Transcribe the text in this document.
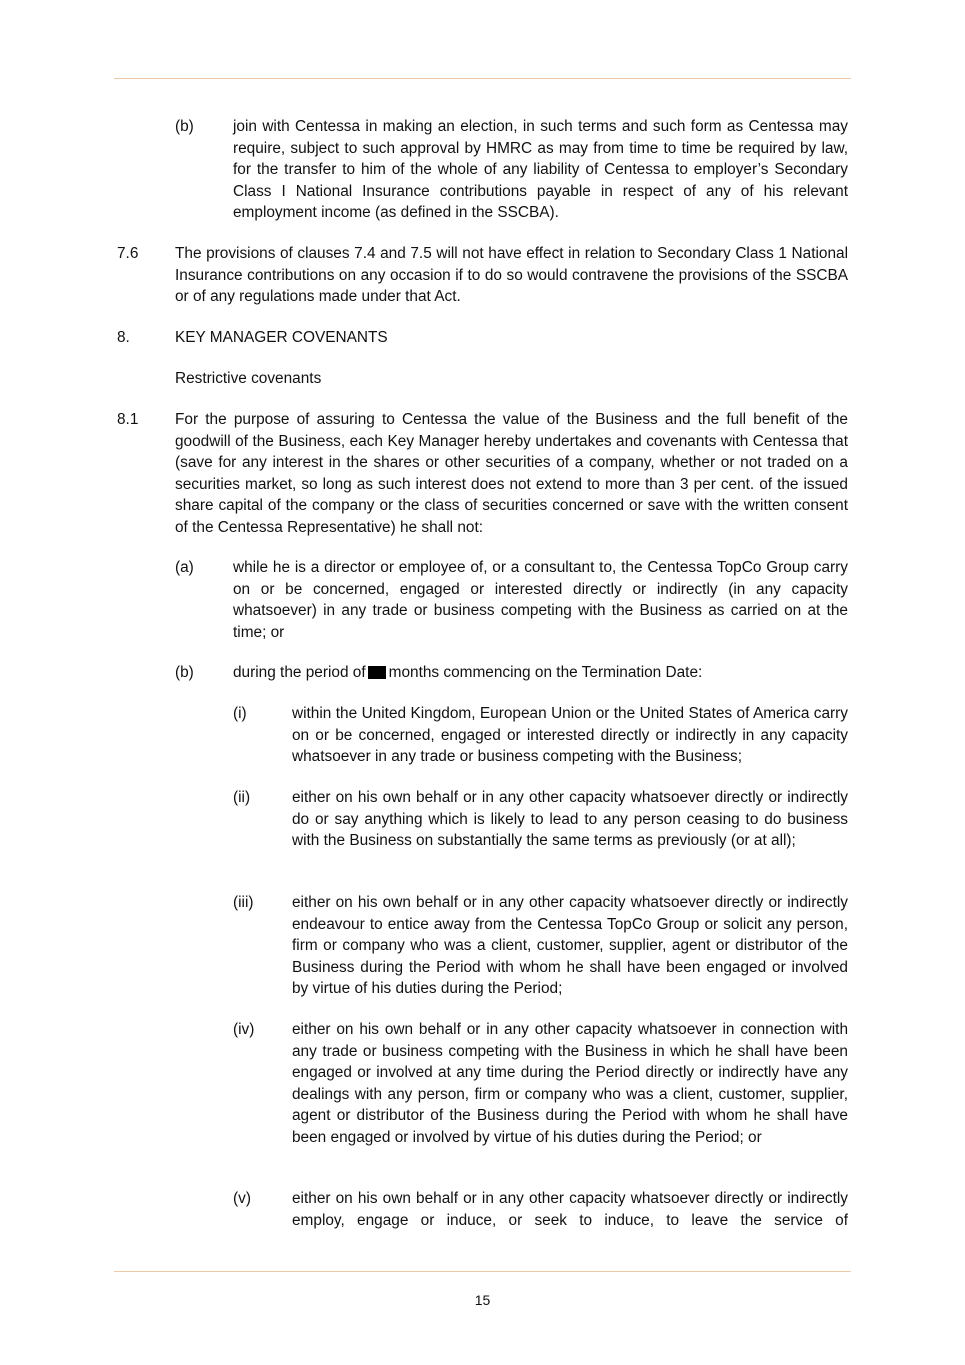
(b)	join with Centessa in making an election, in such terms and such form as Centessa may require, subject to such approval by HMRC as may from time to time be required by law, for the transfer to him of the whole of any liability of Centessa to employer’s Secondary Class I National Insurance contributions payable in respect of any of his relevant employment income (as defined in the SSCBA).

7.6 The provisions of clauses 7.4 and 7.5 will not have effect in relation to Secondary Class 1 National Insurance contributions on any occasion if to do so would contravene the provisions of the SSCBA or of any regulations made under that Act.

8.	KEY MANAGER COVENANTS

Restrictive covenants

8.1 For the purpose of assuring to Centessa the value of the Business and the full benefit of the goodwill of the Business, each Key Manager hereby undertakes and covenants with Centessa that (save for any interest in the shares or other securities of a company, whether or not traded on a securities market, so long as such interest does not extend to more than 3 per cent. of the issued share capital of the company or the class of securities concerned or save with the written consent of the Centessa Representative) he shall not:

(a)	while he is a director or employee of, or a consultant to, the Centessa TopCo Group carry on or be concerned, engaged or interested directly or indirectly (in any capacity whatsoever) in any trade or business competing with the Business as carried on at the time; or

(b)	during the period of months commencing on the Termination Date:

(i)	within the United Kingdom, European Union or the United States of America carry on or be concerned, engaged or interested directly or indirectly in any capacity whatsoever in any trade or business competing with the Business;

(ii)	either on his own behalf or in any other capacity whatsoever directly or indirectly do or say anything which is likely to lead to any person ceasing to do business with the Business on substantially the same terms as previously (or at all);

(iii) either on his own behalf or in any other capacity whatsoever directly or indirectly endeavour to entice away from the Centessa TopCo Group or solicit any person, firm or company who was a client, customer, supplier, agent or distributor of the Business during the Period with whom he shall have been engaged or involved by virtue of his duties during the Period;

(iv) either on his own behalf or in any other capacity whatsoever in connection with any trade or business competing with the Business in which he shall have been engaged or involved at any time during the Period directly or indirectly have any dealings with any person, firm or company who was a client, customer, supplier, agent or distributor of the Business during the Period with whom he shall have been engaged or involved by virtue of his duties during the Period; or

(v)	either on his own behalf or in any other capacity whatsoever directly or indirectly employ, engage or induce, or seek to induce, to leave the service of

15
